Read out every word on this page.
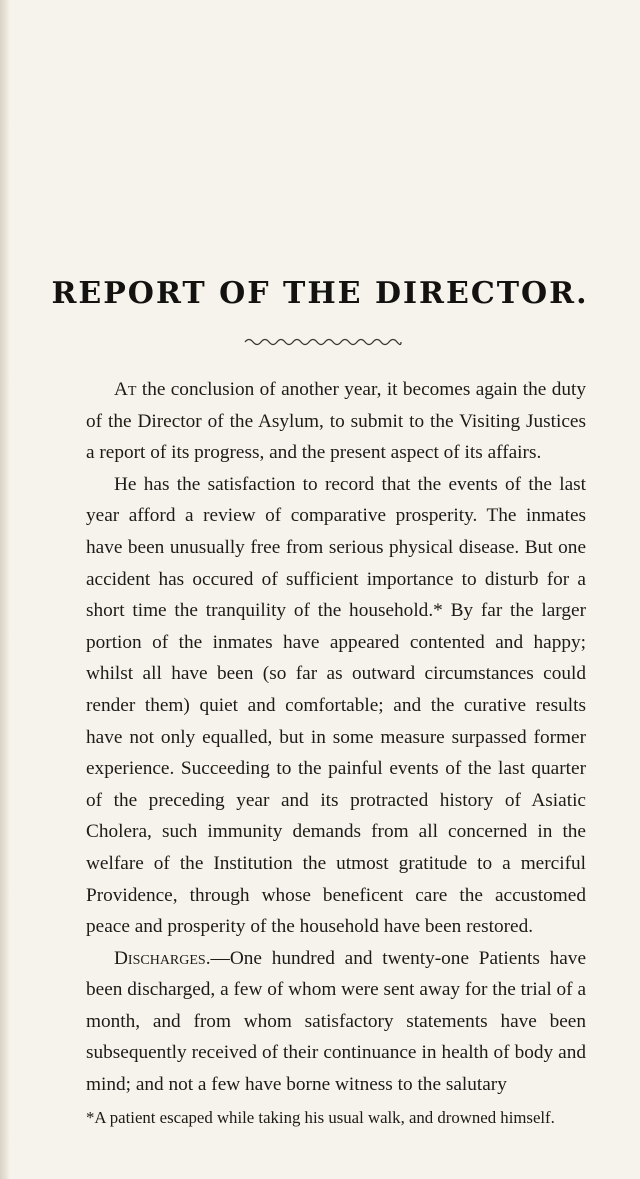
REPORT OF THE DIRECTOR.

At the conclusion of another year, it becomes again the duty of the Director of the Asylum, to submit to the Visiting Justices a report of its progress, and the present aspect of its affairs.

He has the satisfaction to record that the events of the last year afford a review of comparative prosperity. The inmates have been unusually free from serious physical disease. But one accident has occured of sufficient importance to disturb for a short time the tranquility of the household.* By far the larger portion of the inmates have appeared contented and happy; whilst all have been (so far as outward circumstances could render them) quiet and comfortable; and the curative results have not only equalled, but in some measure surpassed former experience. Succeeding to the painful events of the last quarter of the preceding year and its protracted history of Asiatic Cholera, such immunity demands from all concerned in the welfare of the Institution the utmost gratitude to a merciful Providence, through whose beneficent care the accustomed peace and prosperity of the household have been restored.

Discharges.—One hundred and twenty-one Patients have been discharged, a few of whom were sent away for the trial of a month, and from whom satisfactory statements have been subsequently received of their continuance in health of body and mind; and not a few have borne witness to the salutary

*A patient escaped while taking his usual walk, and drowned himself.
